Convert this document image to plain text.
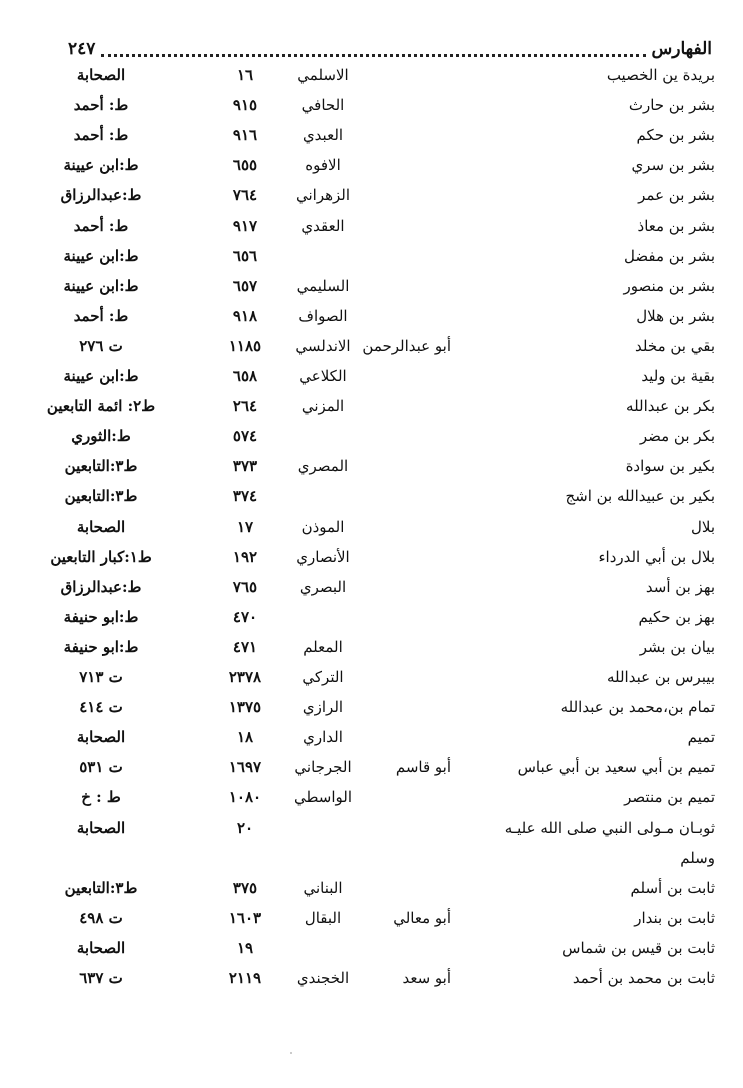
الفهارس
٢٤٧
بريدة ين الخصيب
الاسلمي
١٦
الصحابة
بشر بن حارث
الحافي
٩١٥
ط: أحمد
بشر بن حكم
العبدي
٩١٦
ط: أحمد
بشر بن سري
الافوه
٦٥٥
ط:ابن عيينة
بشر بن عمر
الزهراني
٧٦٤
ط:عبدالرزاق
بشر بن معاذ
العقدي
٩١٧
ط: أحمد
بشر بن مفضل
٦٥٦
ط:ابن عيينة
بشر بن منصور
السليمي
٦٥٧
ط:ابن عيينة
بشر بن هلال
الصواف
٩١٨
ط: أحمد
بقي بن مخلد
أبو عبدالرحمن
الاندلسي
١١٨٥
ت ٢٧٦
بقية بن وليد
الكلاعي
٦٥٨
ط:ابن عيينة
بكر بن عبدالله
المزني
٢٦٤
ط٢: ائمة التابعين
بكر بن مضر
٥٧٤
ط:الثوري
بكير بن سوادة
المصري
٣٧٣
ط٣:التابعين
بكير بن عبيدالله بن اشج
٣٧٤
ط٣:التابعين
بلال
الموذن
١٧
الصحابة
بلال بن أبي الدرداء
الأنصاري
١٩٢
ط١:كبار التابعين
بهز بن أسد
البصري
٧٦٥
ط:عبدالرزاق
بهز بن حكيم
٤٧٠
ط:ابو حنيفة
بيان بن بشر
المعلم
٤٧١
ط:ابو حنيفة
بيبرس بن عبدالله
التركي
٢٣٧٨
ت ٧١٣
تمام بن،محمد بن عبدالله
الرازي
١٣٧٥
ت ٤١٤
تميم
الداري
١٨
الصحابة
تميم بن أبي سعيد بن أبي عباس
أبو قاسم
الجرجاني
١٦٩٧
ت ٥٣١
تميم بن منتصر
الواسطي
١٠٨٠
ط : خ
ثوبـان مـولى النبي صلى الله عليـه
٢٠
الصحابة
وسلم
ثابت بن أسلم
البناني
٣٧٥
ط٣:التابعين
ثابت بن بندار
أبو معالي
البقال
١٦٠٣
ت ٤٩٨
ثابت بن قيس بن شماس
١٩
الصحابة
ثابت بن محمد بن أحمد
أبو سعد
الخجندي
٢١١٩
ت ٦٣٧
